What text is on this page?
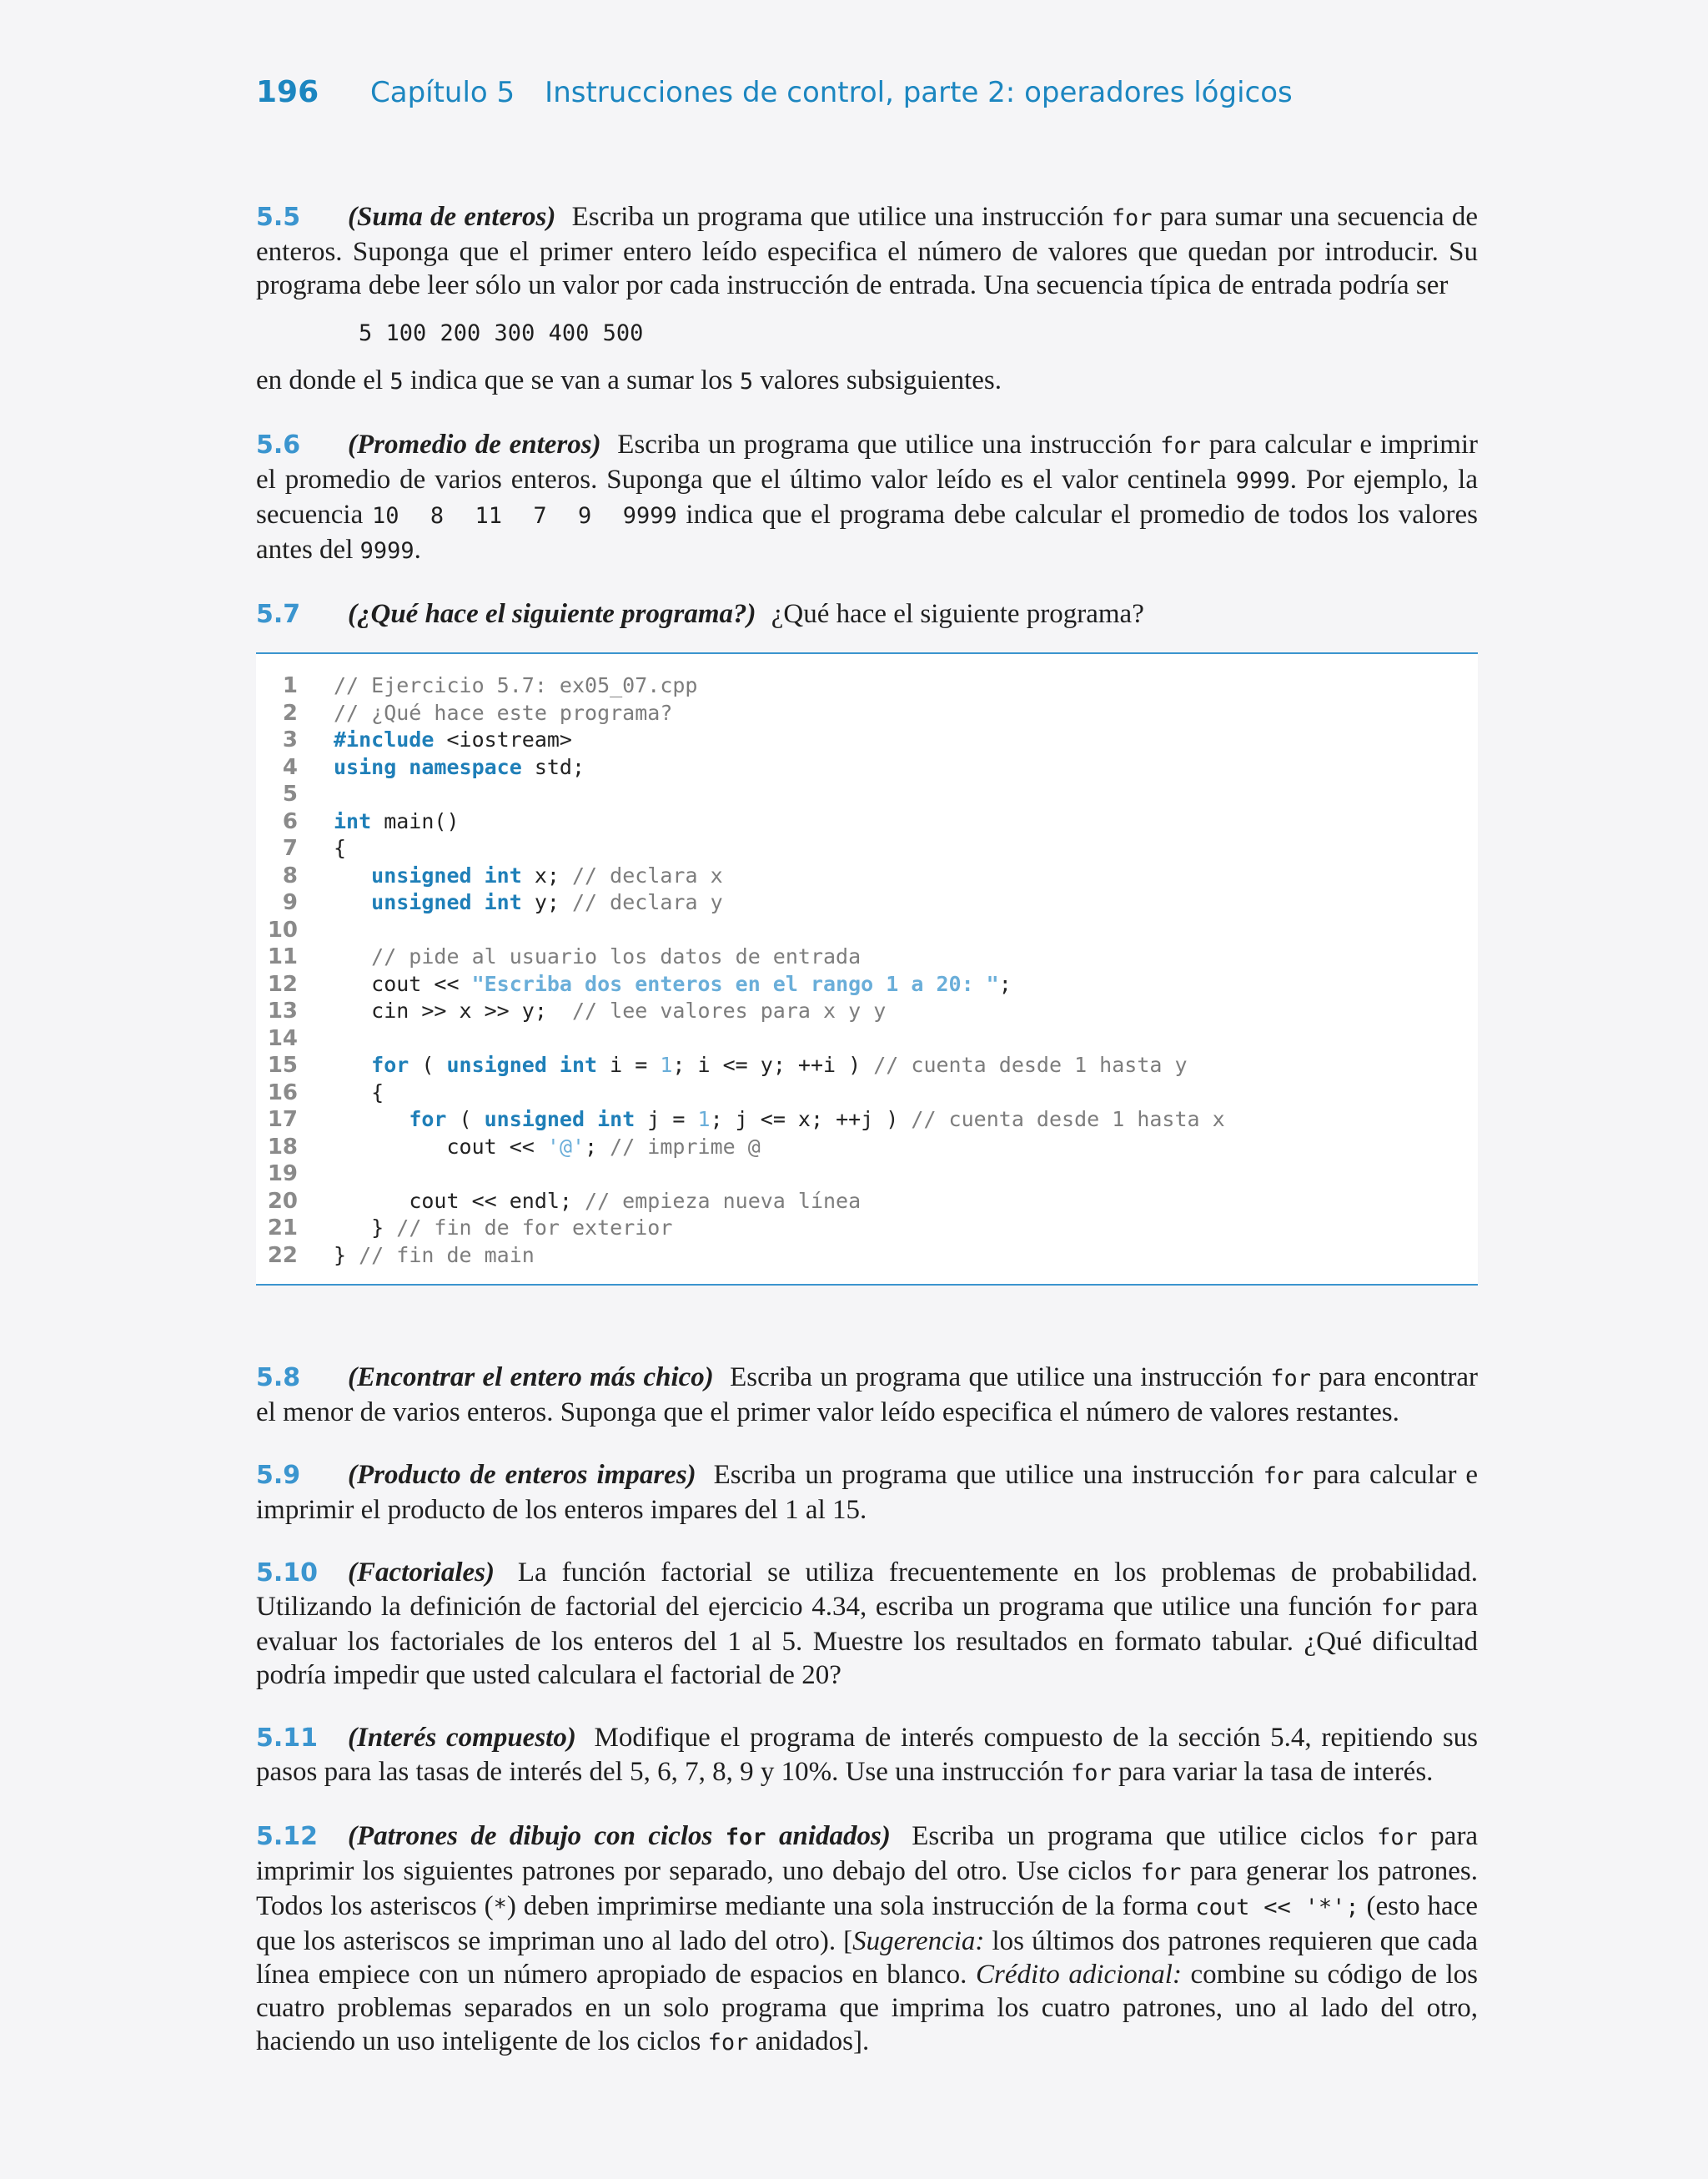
196	Capítulo 5 Instrucciones de control, parte 2: operadores lógicos
5.5 (Suma de enteros) Escriba un programa que utilice una instrucción for para sumar una secuencia de enteros. Suponga que el primer entero leído especifica el número de valores que quedan por introducir. Su programa debe leer sólo un valor por cada instrucción de entrada. Una secuencia típica de entrada podría ser
5 100 200 300 400 500
en donde el 5 indica que se van a sumar los 5 valores subsiguientes.
5.6 (Promedio de enteros) Escriba un programa que utilice una instrucción for para calcular e imprimir el promedio de varios enteros. Suponga que el último valor leído es el valor centinela 9999. Por ejemplo, la secuencia 10  8  11  7  9  9999 indica que el programa debe calcular el promedio de todos los valores antes del 9999.
5.7 (¿Qué hace el siguiente programa?) ¿Qué hace el siguiente programa?
1 // Ejercicio 5.7: ex05_07.cpp
2 // ¿Qué hace este programa?
3 #include <iostream>
4 using namespace std;
5
6 int main()
7 {
8	unsigned int x; // declara x
9	unsigned int y; // declara y
10
11	// pide al usuario los datos de entrada
12	cout << "Escriba dos enteros en el rango 1 a 20: ";
13	cin >> x >> y;  // lee valores para x y y
14
15	for ( unsigned int i = 1; i <= y; ++i ) // cuenta desde 1 hasta y
16	{
17	for ( unsigned int j = 1; j <= x; ++j ) // cuenta desde 1 hasta x
18	cout << '@'; // imprime @
19
20	cout << endl; // empieza nueva línea
21	} // fin de for exterior
22 } // fin de main
5.8 (Encontrar el entero más chico) Escriba un programa que utilice una instrucción for para encontrar el menor de varios enteros. Suponga que el primer valor leído especifica el número de valores restantes.
5.9 (Producto de enteros impares) Escriba un programa que utilice una instrucción for para calcular e imprimir el producto de los enteros impares del 1 al 15.
5.10 (Factoriales) La función factorial se utiliza frecuentemente en los problemas de probabilidad. Utilizando la definición de factorial del ejercicio 4.34, escriba un programa que utilice una función for para evaluar los factoriales de los enteros del 1 al 5. Muestre los resultados en formato tabular. ¿Qué dificultad podría impedir que usted calculara el factorial de 20?
5.11 (Interés compuesto) Modifique el programa de interés compuesto de la sección 5.4, repitiendo sus pasos para las tasas de interés del 5, 6, 7, 8, 9 y 10%. Use una instrucción for para variar la tasa de interés.
5.12 (Patrones de dibujo con ciclos for anidados) Escriba un programa que utilice ciclos for para imprimir los siguientes patrones por separado, uno debajo del otro. Use ciclos for para generar los patrones. Todos los asteriscos (*) deben imprimirse mediante una sola instrucción de la forma cout << '*'; (esto hace que los asteriscos se impriman uno al lado del otro). [Sugerencia: los últimos dos patrones requieren que cada línea empiece con un número apropiado de espacios en blanco. Crédito adicional: combine su código de los cuatro problemas separados en un solo programa que imprima los cuatro patrones, uno al lado del otro, haciendo un uso inteligente de los ciclos for anidados].
